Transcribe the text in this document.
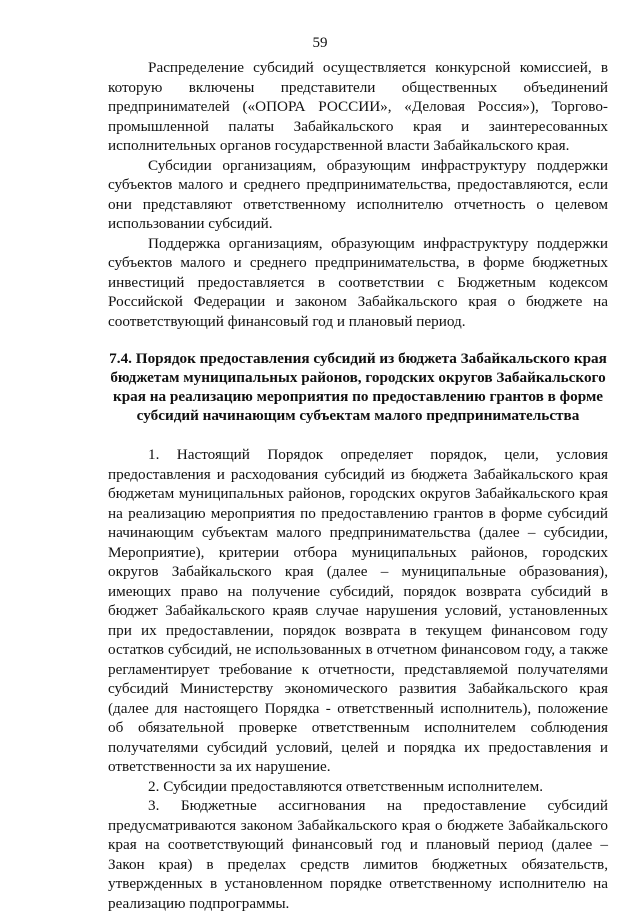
59

Распределение субсидий осуществляется конкурсной комиссией, в которую включены представители общественных объединений предпринимателей («ОПОРА РОССИИ», «Деловая Россия»), Торгово-промышленной палаты Забайкальского края и заинтересованных исполнительных органов государственной власти Забайкальского края.

Субсидии организациям, образующим инфраструктуру поддержки субъектов малого и среднего предпринимательства, предоставляются, если они представляют ответственному исполнителю отчетность о целевом использовании субсидий.

Поддержка организациям, образующим инфраструктуру поддержки субъектов малого и среднего предпринимательства, в форме бюджетных инвестиций предоставляется в соответствии с Бюджетным кодексом Российской Федерации и законом Забайкальского края о бюджете на соответствующий финансовый год и плановый период.

7.4. Порядок предоставления субсидий из бюджета Забайкальского края бюджетам муниципальных районов, городских округов Забайкальского края на реализацию мероприятия по предоставлению грантов в форме субсидий начинающим субъектам малого предпринимательства

1. Настоящий Порядок определяет порядок, цели, условия предоставления и расходования субсидий из бюджета Забайкальского края бюджетам муниципальных районов, городских округов Забайкальского края на реализацию мероприятия по предоставлению грантов в форме субсидий начинающим субъектам малого предпринимательства (далее – субсидии, Мероприятие), критерии отбора муниципальных районов, городских округов Забайкальского края (далее – муниципальные образования), имеющих право на получение субсидий, порядок возврата субсидий в бюджет Забайкальского краяв случае нарушения условий, установленных при их предоставлении, порядок возврата в текущем финансовом году остатков субсидий, не использованных в отчетном финансовом году, а также регламентирует требование к отчетности, представляемой получателями субсидий Министерству экономического развития Забайкальского края (далее для настоящего Порядка - ответственный исполнитель), положение об обязательной проверке ответственным исполнителем соблюдения получателями субсидий условий, целей и порядка их предоставления и ответственности за их нарушение.

2. Субсидии предоставляются ответственным исполнителем.

3. Бюджетные ассигнования на предоставление субсидий предусматриваются законом Забайкальского края о бюджете Забайкальского края на соответствующий финансовый год и плановый период (далее – Закон края) в пределах средств лимитов бюджетных обязательств, утвержденных в установленном порядке ответственному исполнителю на реализацию подпрограммы.
